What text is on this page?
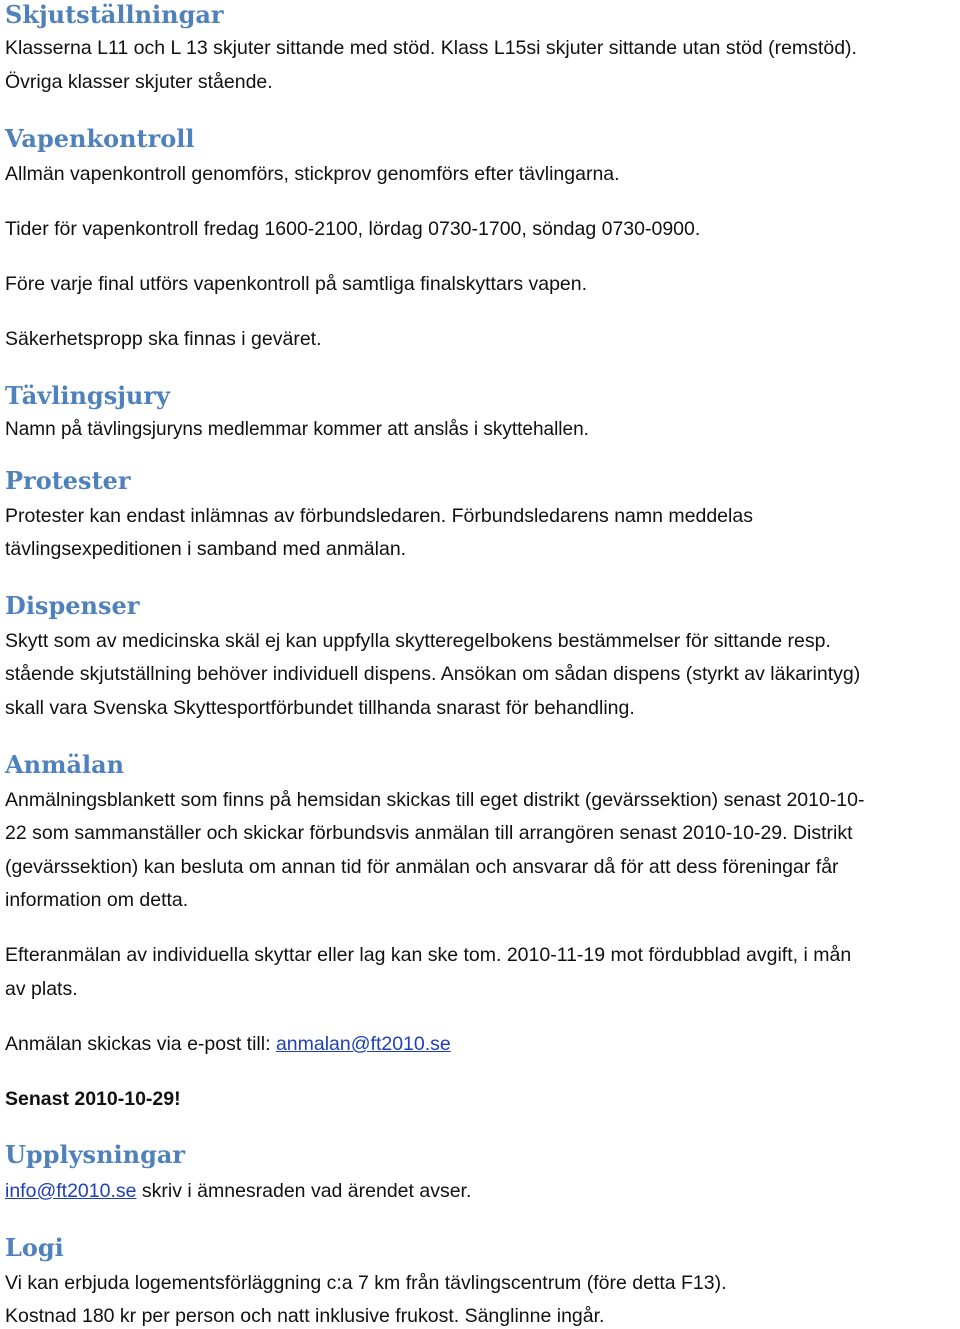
Skjutställningar
Klasserna L11 och L 13 skjuter sittande med stöd. Klass L15si skjuter sittande utan stöd (remstöd).
Övriga klasser skjuter stående.
Vapenkontroll
Allmän vapenkontroll genomförs, stickprov genomförs efter tävlingarna.
Tider för vapenkontroll fredag 1600-2100, lördag 0730-1700, söndag 0730-0900.
Före varje final utförs vapenkontroll på samtliga finalskyttars vapen.
Säkerhetspropp ska finnas i geväret.
Tävlingsjury
Namn på tävlingsjuryns medlemmar kommer att anslås i skyttehallen.
Protester
Protester kan endast inlämnas av förbundsledaren. Förbundsledarens namn meddelas
tävlingsexpeditionen i samband med anmälan.
Dispenser
Skytt som av medicinska skäl ej kan uppfylla skytteregelbokens bestämmelser för sittande resp.
stående skjutställning behöver individuell dispens. Ansökan om sådan dispens (styrkt av läkarintyg)
skall vara Svenska Skyttesportförbundet tillhanda snarast för behandling.
Anmälan
Anmälningsblankett som finns på hemsidan skickas till eget distrikt (gevärssektion) senast 2010-10-
22 som sammanställer och skickar förbundsvis anmälan till arrangören senast 2010-10-29. Distrikt
(gevärssektion) kan besluta om annan tid för anmälan och ansvarar då för att dess föreningar får
information om detta.
Efteranmälan av individuella skyttar eller lag kan ske tom. 2010-11-19 mot fördubblad avgift, i mån
av plats.
Anmälan skickas via e-post till: anmalan@ft2010.se
Senast 2010-10-29!
Upplysningar
info@ft2010.se skriv i ämnesraden vad ärendet avser.
Logi
Vi kan erbjuda logementsförläggning c:a 7 km från tävlingscentrum (före detta F13).
Kostnad 180 kr per person och natt inklusive frukost. Sänglinne ingår.
